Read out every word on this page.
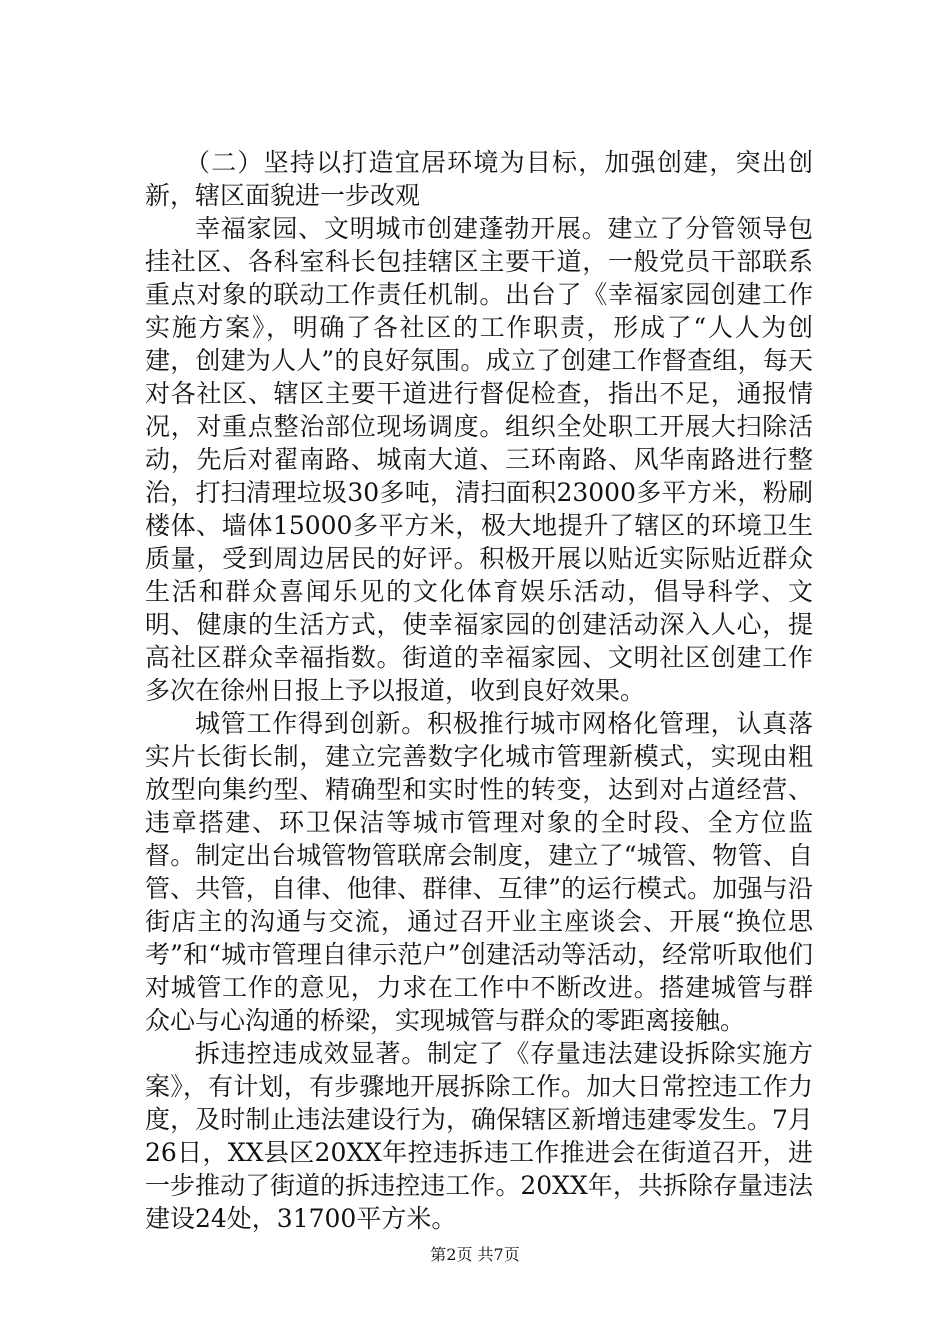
（二）坚持以打造宜居环境为目标，加强创建，突出创新，辖区面貌进一步改观

幸福家园、文明城市创建蓬勃开展。建立了分管领导包挂社区、各科室科长包挂辖区主要干道，一般党员干部联系重点对象的联动工作责任机制。出台了《幸福家园创建工作实施方案》，明确了各社区的工作职责，形成了“人人为创建，创建为人人”的良好氛围。成立了创建工作督查组，每天对各社区、辖区主要干道进行督促检查，指出不足，通报情况，对重点整治部位现场调度。组织全处职工开展大扫除活动，先后对翟南路、城南大道、三环南路、风华南路进行整治，打扫清理垃圾30多吨，清扫面积23000多平方米，粉刷楼体、墙体15000多平方米，极大地提升了辖区的环境卫生质量，受到周边居民的好评。积极开展以贴近实际贴近群众生活和群众喜闻乐见的文化体育娱乐活动，倡导科学、文明、健康的生活方式，使幸福家园的创建活动深入人心，提高社区群众幸福指数。街道的幸福家园、文明社区创建工作多次在徐州日报上予以报道，收到良好效果。

城管工作得到创新。积极推行城市网格化管理，认真落实片长街长制，建立完善数字化城市管理新模式，实现由粗放型向集约型、精确型和实时性的转变，达到对占道经营、违章搭建、环卫保洁等城市管理对象的全时段、全方位监督。制定出台城管物管联席会制度，建立了“城管、物管、自管、共管，自律、他律、群律、互律”的运行模式。加强与沿街店主的沟通与交流，通过召开业主座谈会、开展“换位思考”和“城市管理自律示范户”创建活动等活动，经常听取他们对城管工作的意见，力求在工作中不断改进。搭建城管与群众心与心沟通的桥梁，实现城管与群众的零距离接触。

拆违控违成效显著。制定了《存量违法建设拆除实施方案》，有计划，有步骤地开展拆除工作。加大日常控违工作力度，及时制止违法建设行为，确保辖区新增违建零发生。7月26日，XX县区20XX年控违拆违工作推进会在街道召开，进一步推动了街道的拆违控违工作。20XX年，共拆除存量违法建设24处，31700平方米。

第2页 共7页
